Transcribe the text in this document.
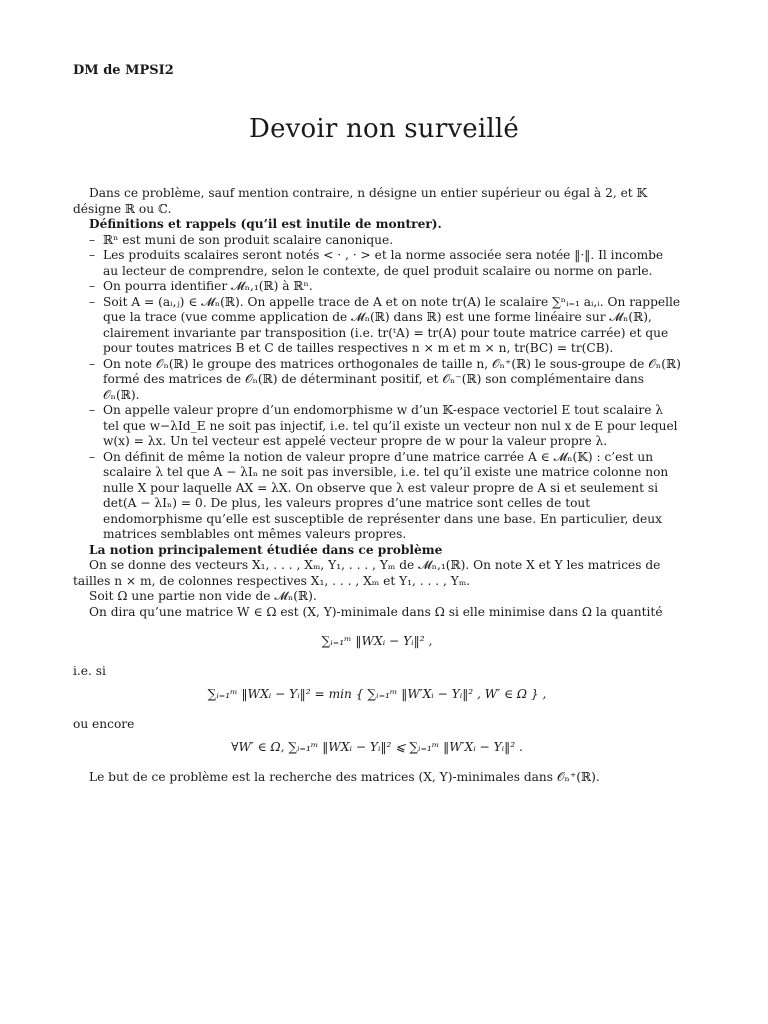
DM de MPSI2
Devoir non surveillé

Dans ce problème, sauf mention contraire, n désigne un entier supérieur ou égal à 2, et 𝕂 désigne ℝ ou ℂ.

Définitions et rappels (qu’il est inutile de montrer).

– ℝⁿ est muni de son produit scalaire canonique.

– Les produits scalaires seront notés < · , · > et la norme associée sera notée ‖·‖. Il incombe au lecteur de comprendre, selon le contexte, de quel produit scalaire ou norme on parle.

– On pourra identifier 𝓜ₙ,₁(ℝ) à ℝⁿ.

– Soit A = (aᵢ,ⱼ) ∈ 𝓜ₙ(ℝ). On appelle trace de A et on note tr(A) le scalaire ∑ⁿᵢ₌₁ aᵢ,ᵢ. On rappelle que la trace (vue comme application de 𝓜ₙ(ℝ) dans ℝ) est une forme linéaire sur 𝓜ₙ(ℝ), clairement invariante par transposition (i.e. tr(ᵗA) = tr(A) pour toute matrice carrée) et que pour toutes matrices B et C de tailles respectives n × m et m × n, tr(BC) = tr(CB).

– On note 𝒪ₙ(ℝ) le groupe des matrices orthogonales de taille n, 𝒪ₙ⁺(ℝ) le sous-groupe de 𝒪ₙ(ℝ) formé des matrices de 𝒪ₙ(ℝ) de déterminant positif, et 𝒪ₙ⁻(ℝ) son complémentaire dans 𝒪ₙ(ℝ).

– On appelle valeur propre d’un endomorphisme w d’un 𝕂-espace vectoriel E tout scalaire λ tel que w−λId_E ne soit pas injectif, i.e. tel qu’il existe un vecteur non nul x de E pour lequel w(x) = λx. Un tel vecteur est appelé vecteur propre de w pour la valeur propre λ.

– On définit de même la notion de valeur propre d’une matrice carrée A ∈ 𝓜ₙ(𝕂) : c’est un scalaire λ tel que A − λIₙ ne soit pas inversible, i.e. tel qu’il existe une matrice colonne non nulle X pour laquelle AX = λX. On observe que λ est valeur propre de A si et seulement si det(A − λIₙ) = 0. De plus, les valeurs propres d’une matrice sont celles de tout endomorphisme qu’elle est susceptible de représenter dans une base. En particulier, deux matrices semblables ont mêmes valeurs propres.

La notion principalement étudiée dans ce problème

On se donne des vecteurs X₁, . . . , Xₘ, Y₁, . . . , Yₘ de 𝓜ₙ,₁(ℝ). On note X et Y les matrices de tailles n × m, de colonnes respectives X₁, . . . , Xₘ et Y₁, . . . , Yₘ.

Soit Ω une partie non vide de 𝓜ₙ(ℝ).

On dira qu’une matrice W ∈ Ω est (X, Y)-minimale dans Ω si elle minimise dans Ω la quantité

∑ᵢ₌₁ᵐ ‖WXᵢ − Yᵢ‖² ,

i.e. si

∑ᵢ₌₁ᵐ ‖WXᵢ − Yᵢ‖² = min { ∑ᵢ₌₁ᵐ ‖W′Xᵢ − Yᵢ‖² , W′ ∈ Ω } ,

ou encore

∀W′ ∈ Ω, ∑ᵢ₌₁ᵐ ‖WXᵢ − Yᵢ‖² ⩽ ∑ᵢ₌₁ᵐ ‖W′Xᵢ − Yᵢ‖² .

Le but de ce problème est la recherche des matrices (X, Y)-minimales dans 𝒪ₙ⁺(ℝ).
